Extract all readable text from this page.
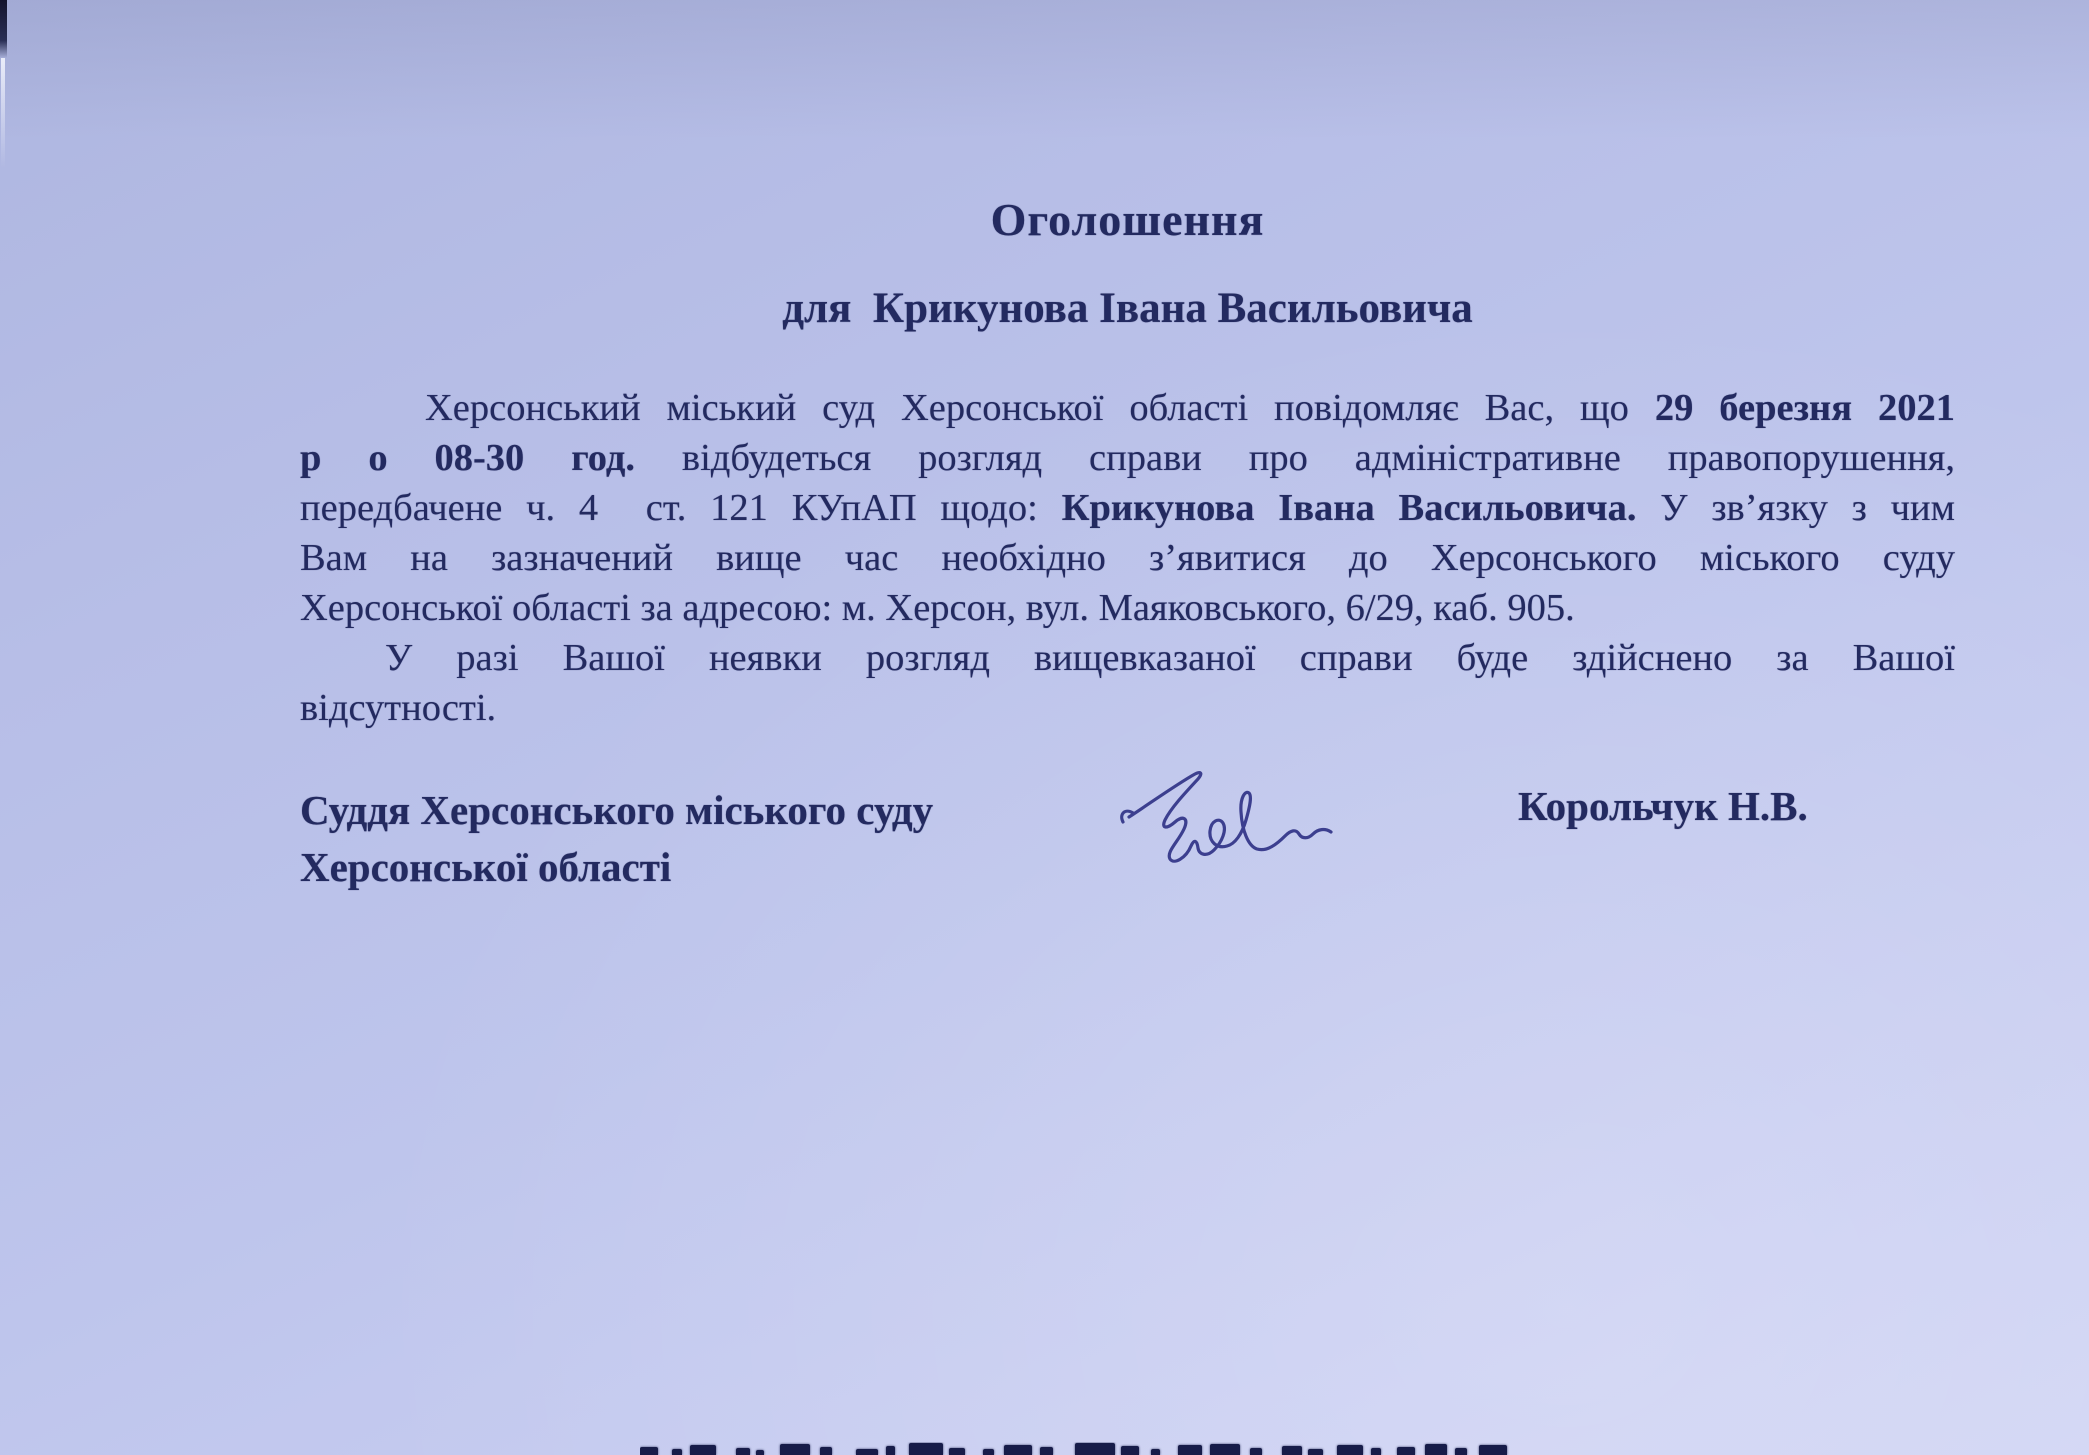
Оголошення
для  Крикунова Івана Васильовича
Херсонський міський суд Херсонської області повідомляє Вас, що 29 березня 2021
р о 08-30 год. відбудеться розгляд справи про адміністративне правопорушення,
передбачене ч. 4  ст. 121 КУпАП щодо: Крикунова Івана Васильовича. У зв’язку з чим
Вам на зазначений вище час необхідно з’явитися до Херсонського міського суду
Херсонської області за адресою: м. Херсон, вул. Маяковського, 6/29, каб. 905.
У разі Вашої неявки розгляд вищевказаної справи буде здійснено за Вашої
відсутності.
Суддя Херсонського міського суду
Херсонської області
Корольчук Н.В.
